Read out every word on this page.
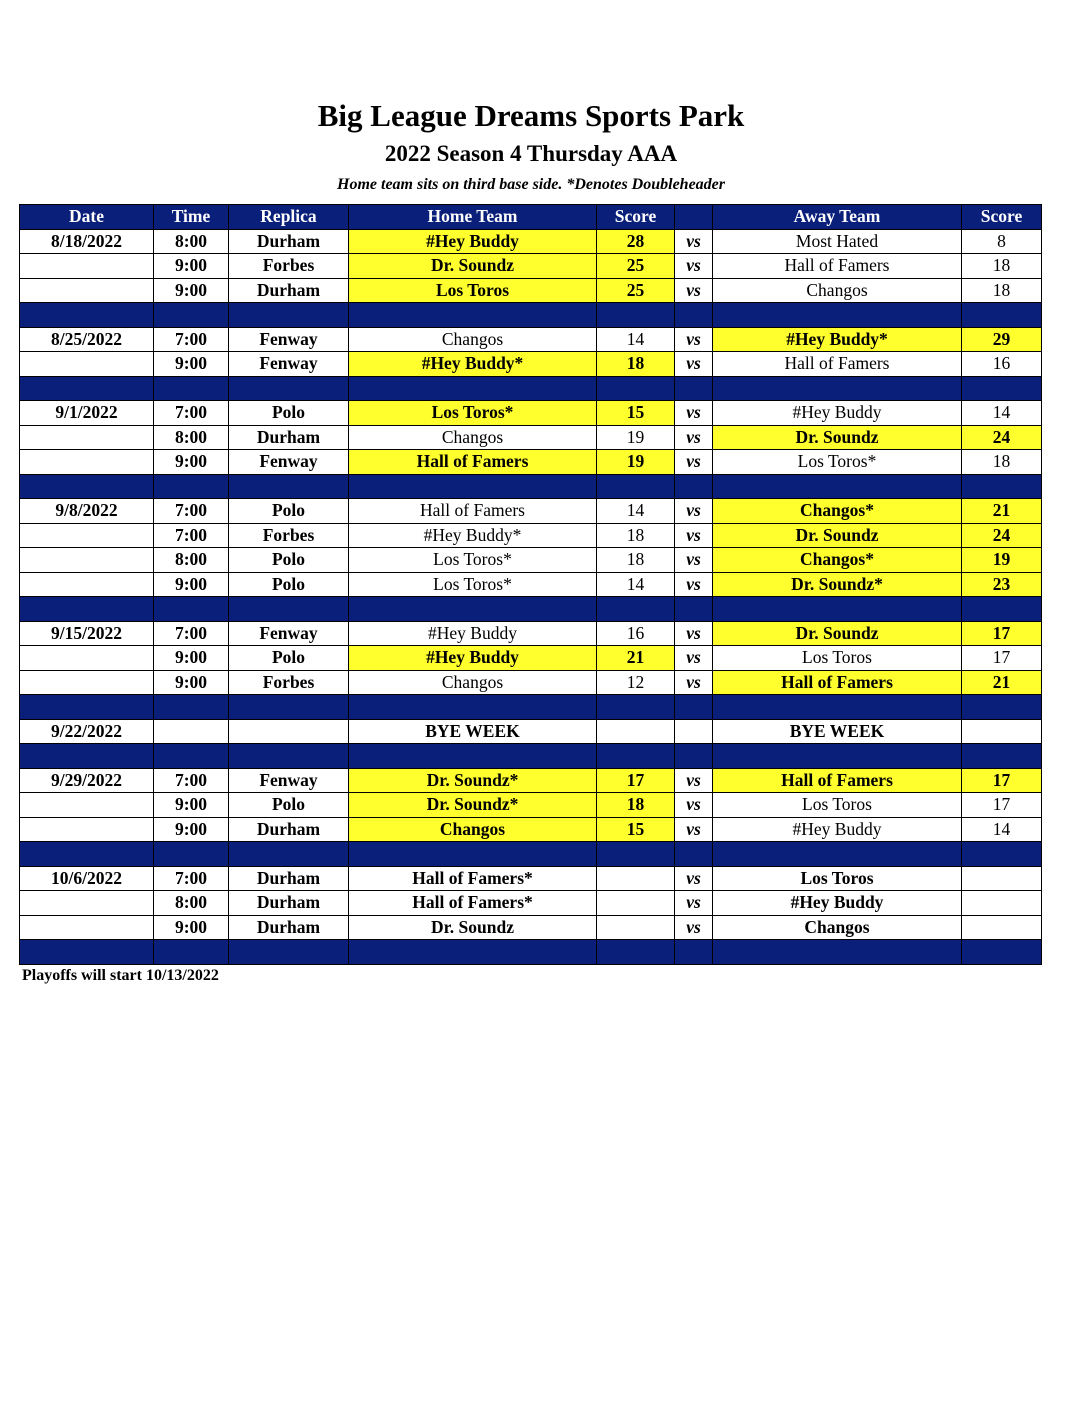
Big League Dreams Sports Park
2022 Season 4 Thursday AAA
Home team sits on third base side. *Denotes Doubleheader
Date	Time	Replica	Home Team	Score		Away Team	Score
8/18/2022	8:00	Durham	#Hey Buddy	28	vs	Most Hated	8
	9:00	Forbes	Dr. Soundz	25	vs	Hall of Famers	18
	9:00	Durham	Los Toros	25	vs	Changos	18

8/25/2022	7:00	Fenway	Changos	14	vs	#Hey Buddy*	29
	9:00	Fenway	#Hey Buddy*	18	vs	Hall of Famers	16

9/1/2022	7:00	Polo	Los Toros*	15	vs	#Hey Buddy	14
	8:00	Durham	Changos	19	vs	Dr. Soundz	24
	9:00	Fenway	Hall of Famers	19	vs	Los Toros*	18

9/8/2022	7:00	Polo	Hall of Famers	14	vs	Changos*	21
	7:00	Forbes	#Hey Buddy*	18	vs	Dr. Soundz	24
	8:00	Polo	Los Toros*	18	vs	Changos*	19
	9:00	Polo	Los Toros*	14	vs	Dr. Soundz*	23

9/15/2022	7:00	Fenway	#Hey Buddy	16	vs	Dr. Soundz	17
	9:00	Polo	#Hey Buddy	21	vs	Los Toros	17
	9:00	Forbes	Changos	12	vs	Hall of Famers	21

9/22/2022			BYE WEEK			BYE WEEK	

9/29/2022	7:00	Fenway	Dr. Soundz*	17	vs	Hall of Famers	17
	9:00	Polo	Dr. Soundz*	18	vs	Los Toros	17
	9:00	Durham	Changos	15	vs	#Hey Buddy	14

10/6/2022	7:00	Durham	Hall of Famers*		vs	Los Toros	
	8:00	Durham	Hall of Famers*		vs	#Hey Buddy	
	9:00	Durham	Dr. Soundz		vs	Changos	

Playoffs will start 10/13/2022
